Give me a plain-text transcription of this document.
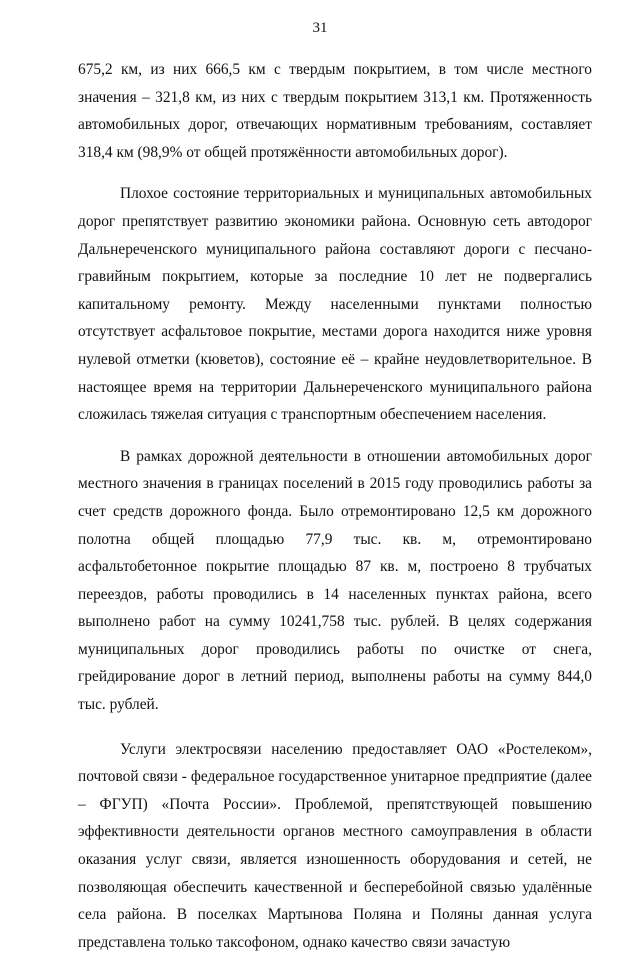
31

675,2 км, из них 666,5 км с твердым покрытием, в том числе местного значения – 321,8 км, из них с твердым покрытием 313,1 км. Протяженность автомобильных дорог, отвечающих нормативным требованиям, составляет 318,4 км (98,9% от общей протяжённости автомобильных дорог).

Плохое состояние территориальных и муниципальных автомобильных дорог препятствует развитию экономики района. Основную сеть автодорог Дальнереченского муниципального района составляют дороги с песчано-гравийным покрытием, которые за последние 10 лет не подвергались капитальному ремонту. Между населенными пунктами полностью отсутствует асфальтовое покрытие, местами дорога находится ниже уровня нулевой отметки (кюветов), состояние её – крайне неудовлетворительное. В настоящее время на территории Дальнереченского муниципального района сложилась тяжелая ситуация с транспортным обеспечением населения.

В рамках дорожной деятельности в отношении автомобильных дорог местного значения в границах поселений в 2015 году проводились работы за счет средств дорожного фонда. Было отремонтировано 12,5 км дорожного полотна общей площадью 77,9 тыс. кв. м, отремонтировано асфальтобетонное покрытие площадью 87 кв. м, построено 8 трубчатых переездов, работы проводились в 14 населенных пунктах района, всего выполнено работ на сумму 10241,758 тыс. рублей. В целях содержания муниципальных дорог проводились работы по очистке от снега, грейдирование дорог в летний период, выполнены работы на сумму 844,0 тыс. рублей.

Услуги электросвязи населению предоставляет ОАО «Ростелеком», почтовой связи - федеральное государственное унитарное предприятие (далее – ФГУП) «Почта России». Проблемой, препятствующей повышению эффективности деятельности органов местного самоуправления в области оказания услуг связи, является изношенность оборудования и сетей, не позволяющая обеспечить качественной и бесперебойной связью удалённые села района. В поселках Мартынова Поляна и Поляны данная услуга представлена только таксофоном, однако качество связи зачастую
